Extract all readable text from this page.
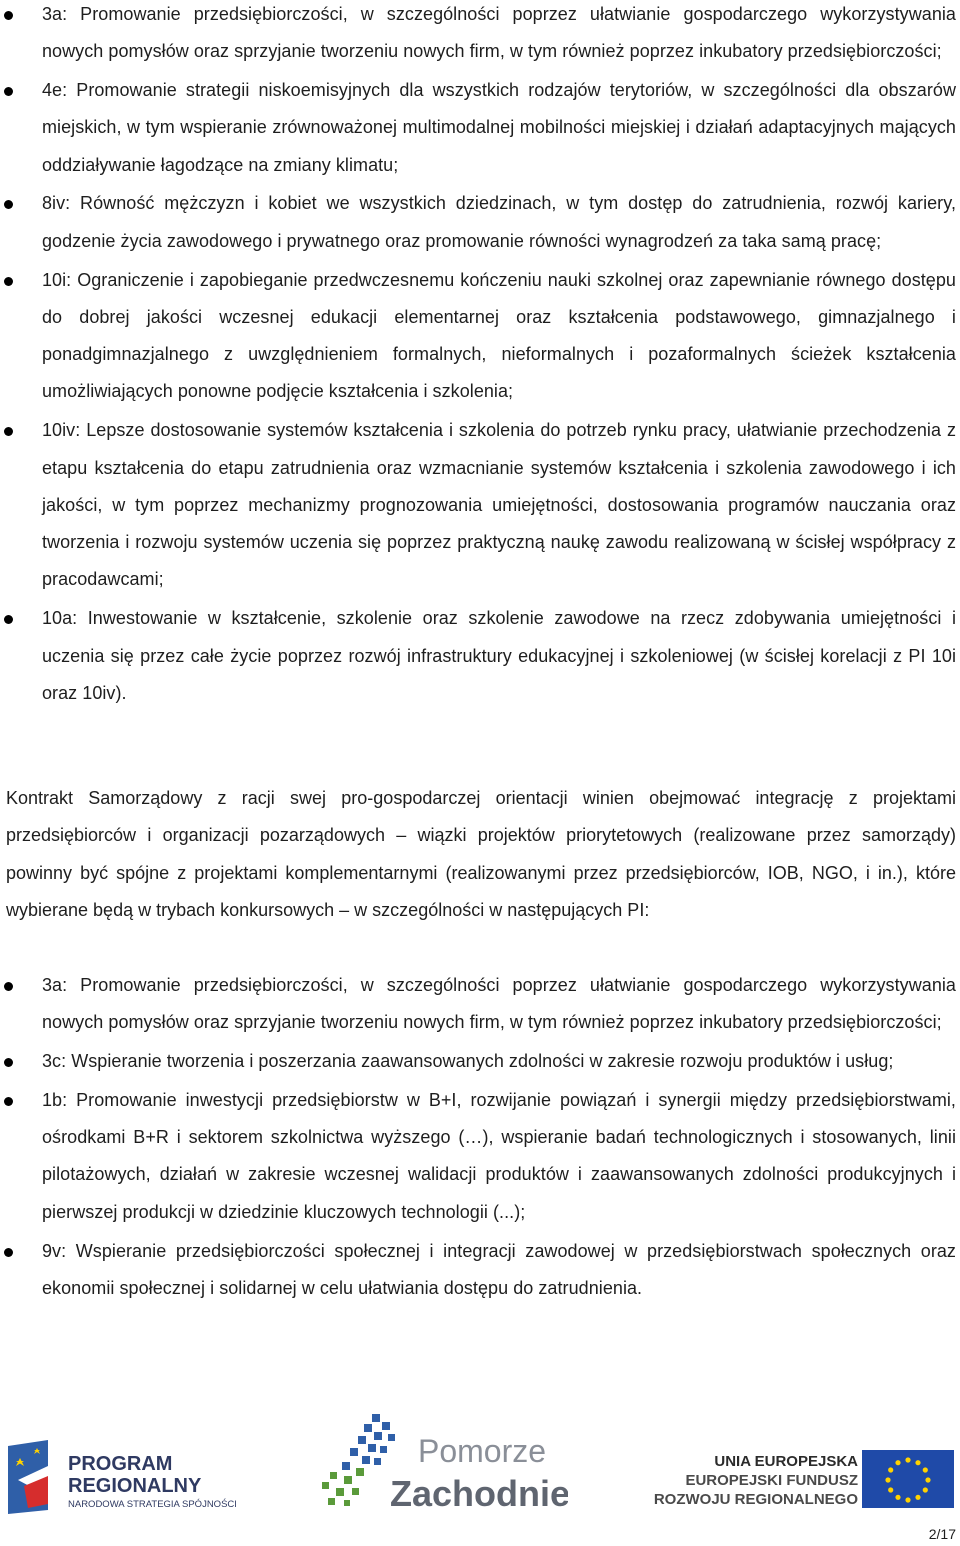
3a: Promowanie przedsiębiorczości, w szczególności poprzez ułatwianie gospodarczego wykorzystywania nowych pomysłów oraz sprzyjanie tworzeniu nowych firm, w tym również poprzez inkubatory przedsiębiorczości;
4e: Promowanie strategii niskoemisyjnych dla wszystkich rodzajów terytoriów, w szczególności dla obszarów miejskich, w tym wspieranie zrównoważonej multimodalnej mobilności miejskiej i działań adaptacyjnych mających oddziaływanie łagodzące na zmiany klimatu;
8iv: Równość mężczyzn i kobiet we wszystkich dziedzinach, w tym dostęp do zatrudnienia, rozwój kariery, godzenie życia zawodowego i prywatnego oraz promowanie równości wynagrodzeń za taka samą pracę;
10i: Ograniczenie i zapobieganie przedwczesnemu kończeniu nauki szkolnej oraz zapewnianie równego dostępu do dobrej jakości wczesnej edukacji elementarnej oraz kształcenia podstawowego, gimnazjalnego i ponadgimnazjalnego z uwzględnieniem formalnych, nieformalnych i pozaformalnych ścieżek kształcenia umożliwiających ponowne podjęcie kształcenia i szkolenia;
10iv: Lepsze dostosowanie systemów kształcenia i szkolenia do potrzeb rynku pracy, ułatwianie przechodzenia z etapu kształcenia do etapu zatrudnienia oraz wzmacnianie systemów kształcenia i szkolenia zawodowego i ich jakości, w tym poprzez mechanizmy prognozowania umiejętności, dostosowania programów nauczania oraz tworzenia i rozwoju systemów uczenia się poprzez praktyczną naukę zawodu realizowaną w ścisłej współpracy z pracodawcami;
10a: Inwestowanie w kształcenie, szkolenie oraz szkolenie zawodowe na rzecz zdobywania umiejętności i uczenia się przez całe życie poprzez rozwój infrastruktury edukacyjnej i szkoleniowej (w ścisłej korelacji z PI 10i oraz 10iv).

Kontrakt Samorządowy z racji swej pro-gospodarczej orientacji winien obejmować integrację z projektami przedsiębiorców i organizacji pozarządowych – wiązki projektów priorytetowych (realizowane przez samorządy) powinny być spójne z projektami komplementarnymi (realizowanymi przez przedsiębiorców, IOB, NGO, i in.), które wybierane będą w trybach konkursowych – w szczególności w następujących PI:

3a: Promowanie przedsiębiorczości, w szczególności poprzez ułatwianie gospodarczego wykorzystywania nowych pomysłów oraz sprzyjanie tworzeniu nowych firm, w tym również poprzez inkubatory przedsiębiorczości;
3c: Wspieranie tworzenia i poszerzania zaawansowanych zdolności w zakresie rozwoju produktów i usług;
1b: Promowanie inwestycji przedsiębiorstw w B+I, rozwijanie powiązań i synergii między przedsiębiorstwami, ośrodkami B+R i sektorem szkolnictwa wyższego (…), wspieranie badań technologicznych i stosowanych, linii pilotażowych, działań w zakresie wczesnej walidacji produktów i zaawansowanych zdolności produkcyjnych i pierwszej produkcji w dziedzinie kluczowych technologii (...);
9v: Wspieranie przedsiębiorczości społecznej i integracji zawodowej w przedsiębiorstwach społecznych oraz ekonomii społecznej i solidarnej w celu ułatwiania dostępu do zatrudnienia.
PROGRAM
REGIONALNY
NARODOWA STRATEGIA SPÓJNOŚCI
Pomorze
Zachodnie
UNIA EUROPEJSKA
EUROPEJSKI FUNDUSZ
ROZWOJU REGIONALNEGO
2/17
